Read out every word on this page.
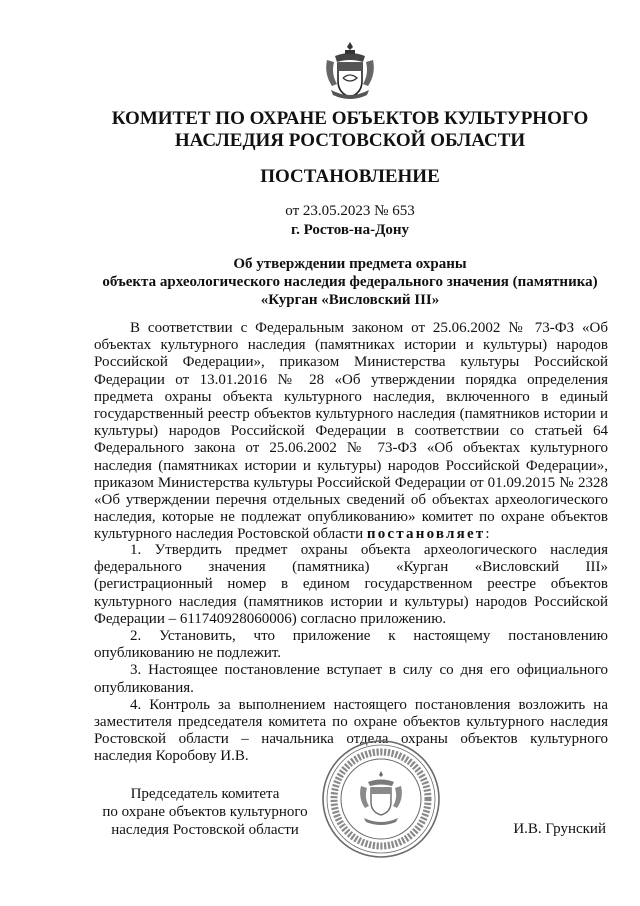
КОМИТЕТ ПО ОХРАНЕ ОБЪЕКТОВ КУЛЬТУРНОГО
НАСЛЕДИЯ РОСТОВСКОЙ ОБЛАСТИ
ПОСТАНОВЛЕНИЕ
от 23.05.2023 № 653
г. Ростов-на-Дону
Об утверждении предмета охраны
объекта археологического наследия федерального значения (памятника)
«Курган «Висловский III»

В соответствии с Федеральным законом от 25.06.2002 № 73-ФЗ «Об объектах культурного наследия (памятниках истории и культуры) народов Российской Федерации», приказом Министерства культуры Российской Федерации от 13.01.2016 № 28 «Об утверждении порядка определения предмета охраны объекта культурного наследия, включенного в единый государственный реестр объектов культурного наследия (памятников истории и культуры) народов Российской Федерации в соответствии со статьей 64 Федерального закона от 25.06.2002 № 73-ФЗ «Об объектах культурного наследия (памятниках истории и культуры) народов Российской Федерации», приказом Министерства культуры Российской Федерации от 01.09.2015 № 2328 «Об утверждении перечня отдельных сведений об объектах археологического наследия, которые не подлежат опубликованию» комитет по охране объектов культурного наследия Ростовской области постановляет:

1. Утвердить предмет охраны объекта археологического наследия федерального значения (памятника) «Курган «Висловский III» (регистрационный номер в едином государственном реестре объектов культурного наследия (памятников истории и культуры) народов Российской Федерации – 611740928060006) согласно приложению.

2. Установить, что приложение к настоящему постановлению опубликованию не подлежит.

3. Настоящее постановление вступает в силу со дня его официального опубликования.

4. Контроль за выполнением настоящего постановления возложить на заместителя председателя комитета по охране объектов культурного наследия Ростовской области – начальника отдела охраны объектов культурного наследия Коробову И.В.

Председатель комитета
по охране объектов культурного
наследия Ростовской области	И.В. Грунский
